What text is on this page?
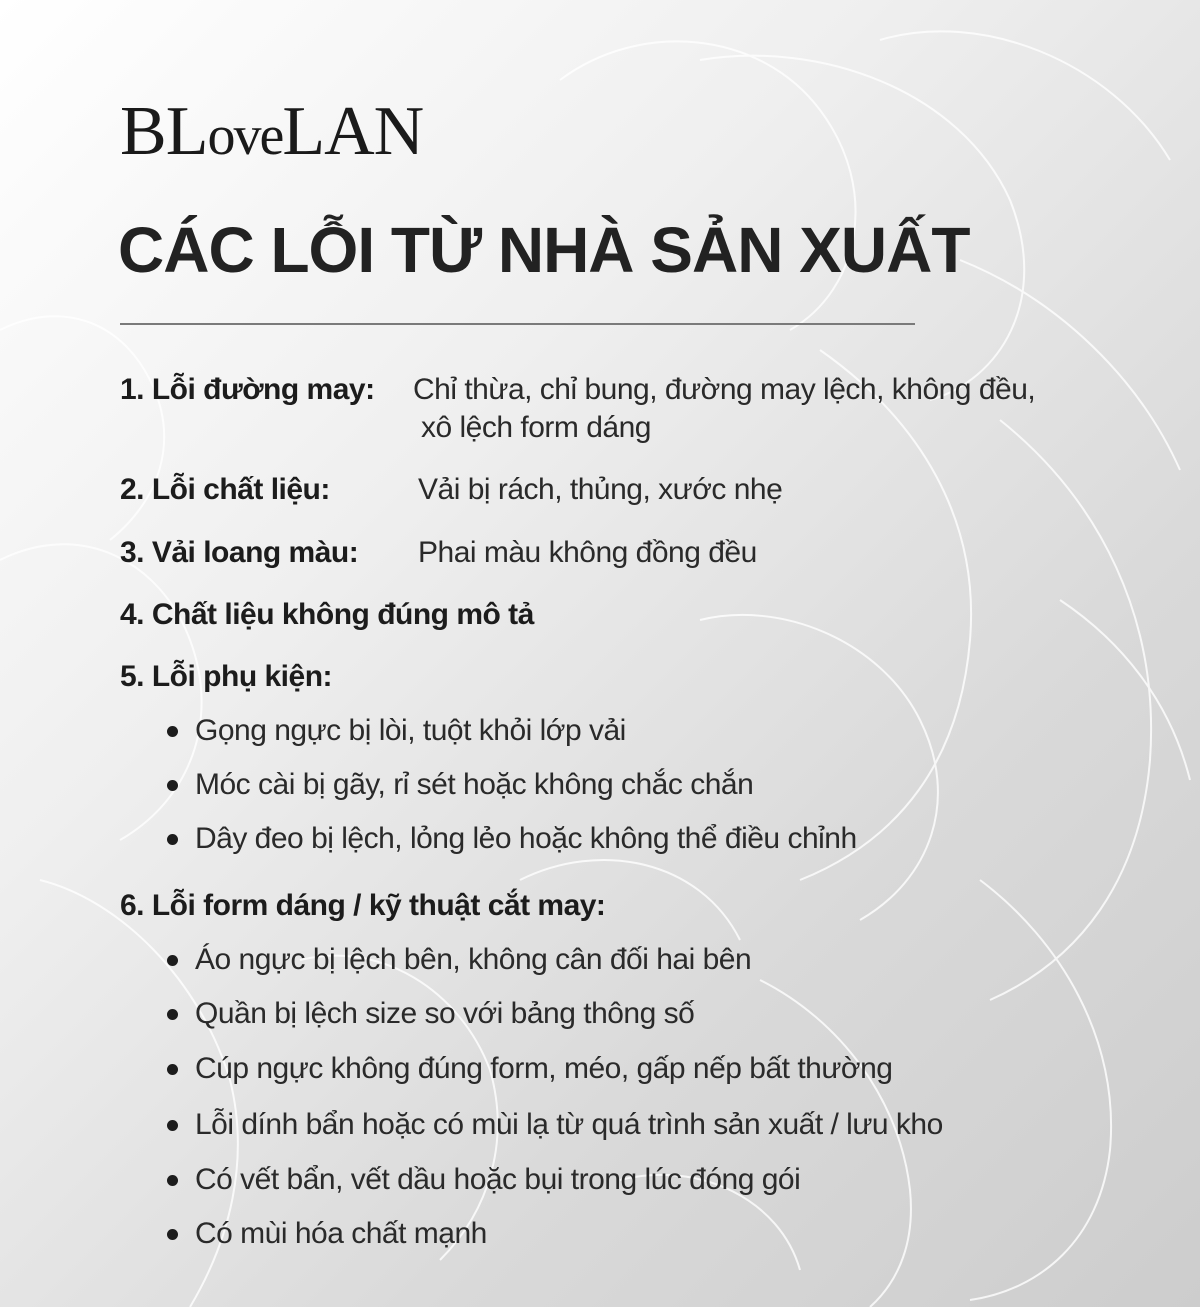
BLoveLAN
CÁC LỖI TỪ NHÀ SẢN XUẤT
1. Lỗi đường may: Chỉ thừa, chỉ bung, đường may lệch, không đều,
xô lệch form dáng
2. Lỗi chất liệu:	Vải bị rách, thủng, xước nhẹ
3. Vải loang màu: Phai màu không đồng đều
4. Chất liệu không đúng mô tả
5. Lỗi phụ kiện:
Gọng ngực bị lòi, tuột khỏi lớp vải
Móc cài bị gãy, rỉ sét hoặc không chắc chắn
Dây đeo bị lệch, lỏng lẻo hoặc không thể điều chỉnh
6. Lỗi form dáng / kỹ thuật cắt may:
Áo ngực bị lệch bên, không cân đối hai bên
Quần bị lệch size so với bảng thông số
Cúp ngực không đúng form, méo, gấp nếp bất thường
Lỗi dính bẩn hoặc có mùi lạ từ quá trình sản xuất / lưu kho
Có vết bẩn, vết dầu hoặc bụi trong lúc đóng gói
Có mùi hóa chất mạnh
